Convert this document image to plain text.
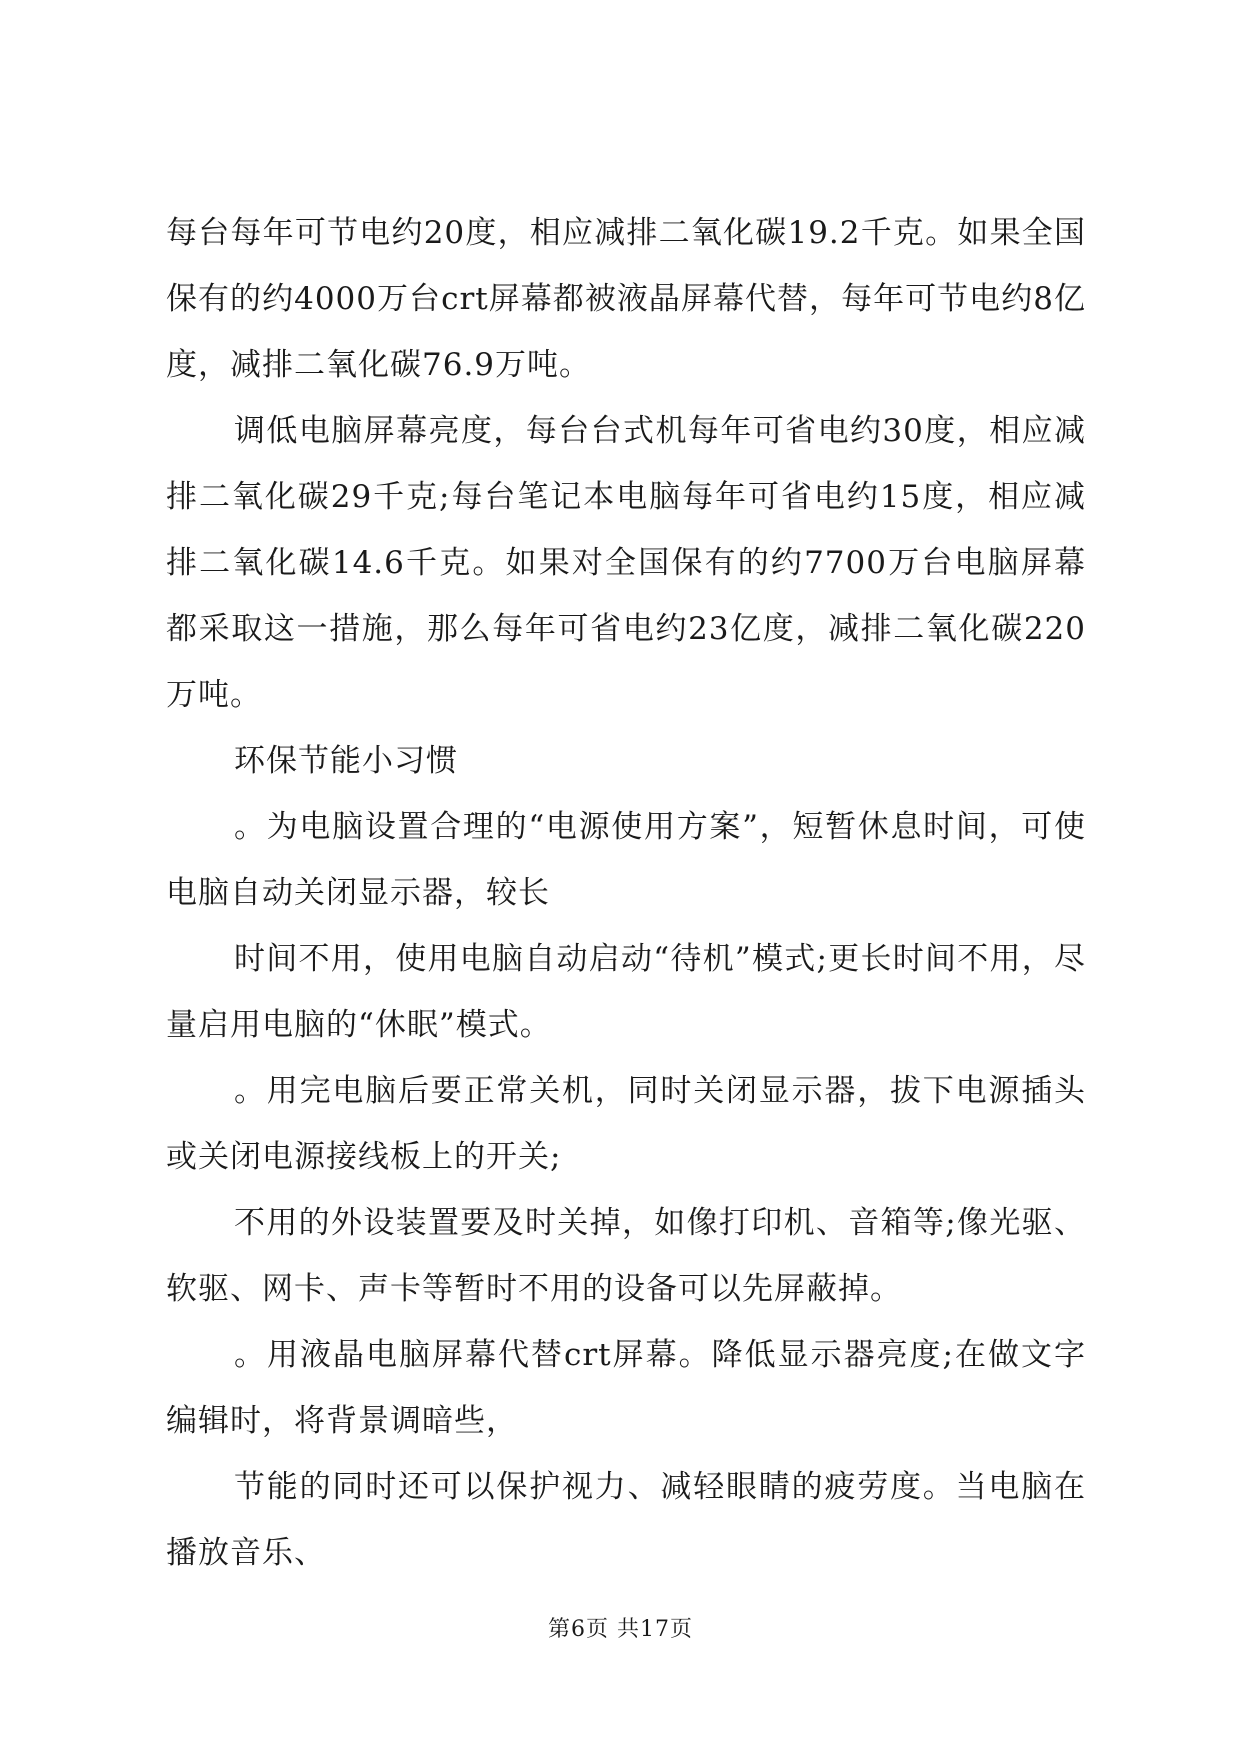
每台每年可节电约20度，相应减排二氧化碳19.2千克。如果全国保有的约4000万台crt屏幕都被液晶屏幕代替，每年可节电约8亿度，减排二氧化碳76.9万吨。

调低电脑屏幕亮度，每台台式机每年可省电约30度，相应减排二氧化碳29千克;每台笔记本电脑每年可省电约15度，相应减排二氧化碳14.6千克。如果对全国保有的约7700万台电脑屏幕都采取这一措施，那么每年可省电约23亿度，减排二氧化碳220万吨。

环保节能小习惯

。为电脑设置合理的“电源使用方案”，短暂休息时间，可使电脑自动关闭显示器，较长

时间不用，使用电脑自动启动“待机”模式;更长时间不用，尽量启用电脑的“休眠”模式。

。用完电脑后要正常关机，同时关闭显示器，拔下电源插头或关闭电源接线板上的开关;

不用的外设装置要及时关掉，如像打印机、音箱等;像光驱、软驱、网卡、声卡等暂时不用的设备可以先屏蔽掉。

。用液晶电脑屏幕代替crt屏幕。降低显示器亮度;在做文字编辑时，将背景调暗些，

节能的同时还可以保护视力、减轻眼睛的疲劳度。当电脑在播放音乐、

第6页 共17页
